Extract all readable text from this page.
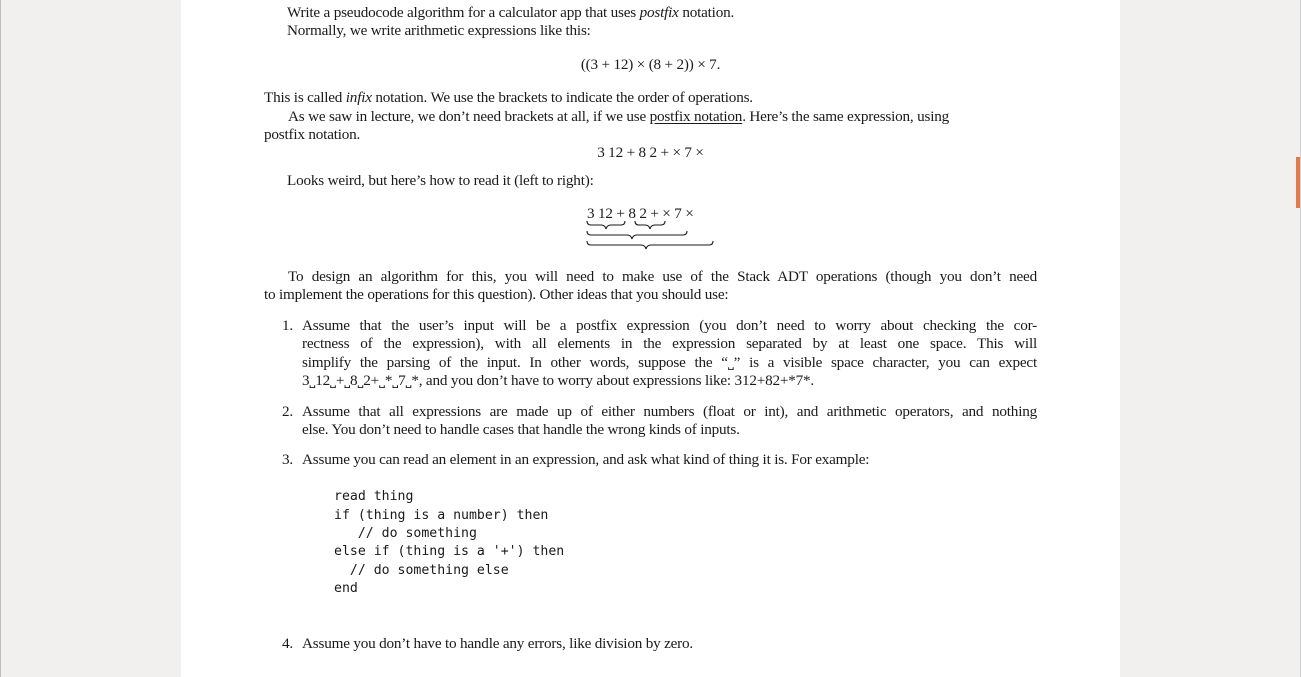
Write a pseudocode algorithm for a calculator app that uses postfix notation.
Normally, we write arithmetic expressions like this:
((3 + 12) × (8 + 2)) × 7.
This is called infix notation. We use the brackets to indicate the order of operations.
As we saw in lecture, we don’t need brackets at all, if we use postfix notation. Here’s the same expression, using
postfix notation.
3 12 + 8 2 + × 7 ×
Looks weird, but here’s how to read it (left to right):
3 12 + 8 2 + × 7 ×
To design an algorithm for this, you will need to make use of the Stack ADT operations (though you don’t need
to implement the operations for this question). Other ideas that you should use:
1. Assume that the user’s input will be a postfix expression (you don’t need to worry about checking the cor-
rectness of the expression), with all elements in the expression separated by at least one space. This will
simplify the parsing of the input. In other words, suppose the “˽” is a visible space character, you can expect
3˽12˽+˽8˽2+˽*˽7˽*, and you don’t have to worry about expressions like: 312+82+*7*.
2. Assume that all expressions are made up of either numbers (float or int), and arithmetic operators, and nothing
else. You don’t need to handle cases that handle the wrong kinds of inputs.
3. Assume you can read an element in an expression, and ask what kind of thing it is. For example:
read thing
if (thing is a number) then
// do something
else if (thing is a '+') then
// do something else
end
4. Assume you don’t have to handle any errors, like division by zero.
